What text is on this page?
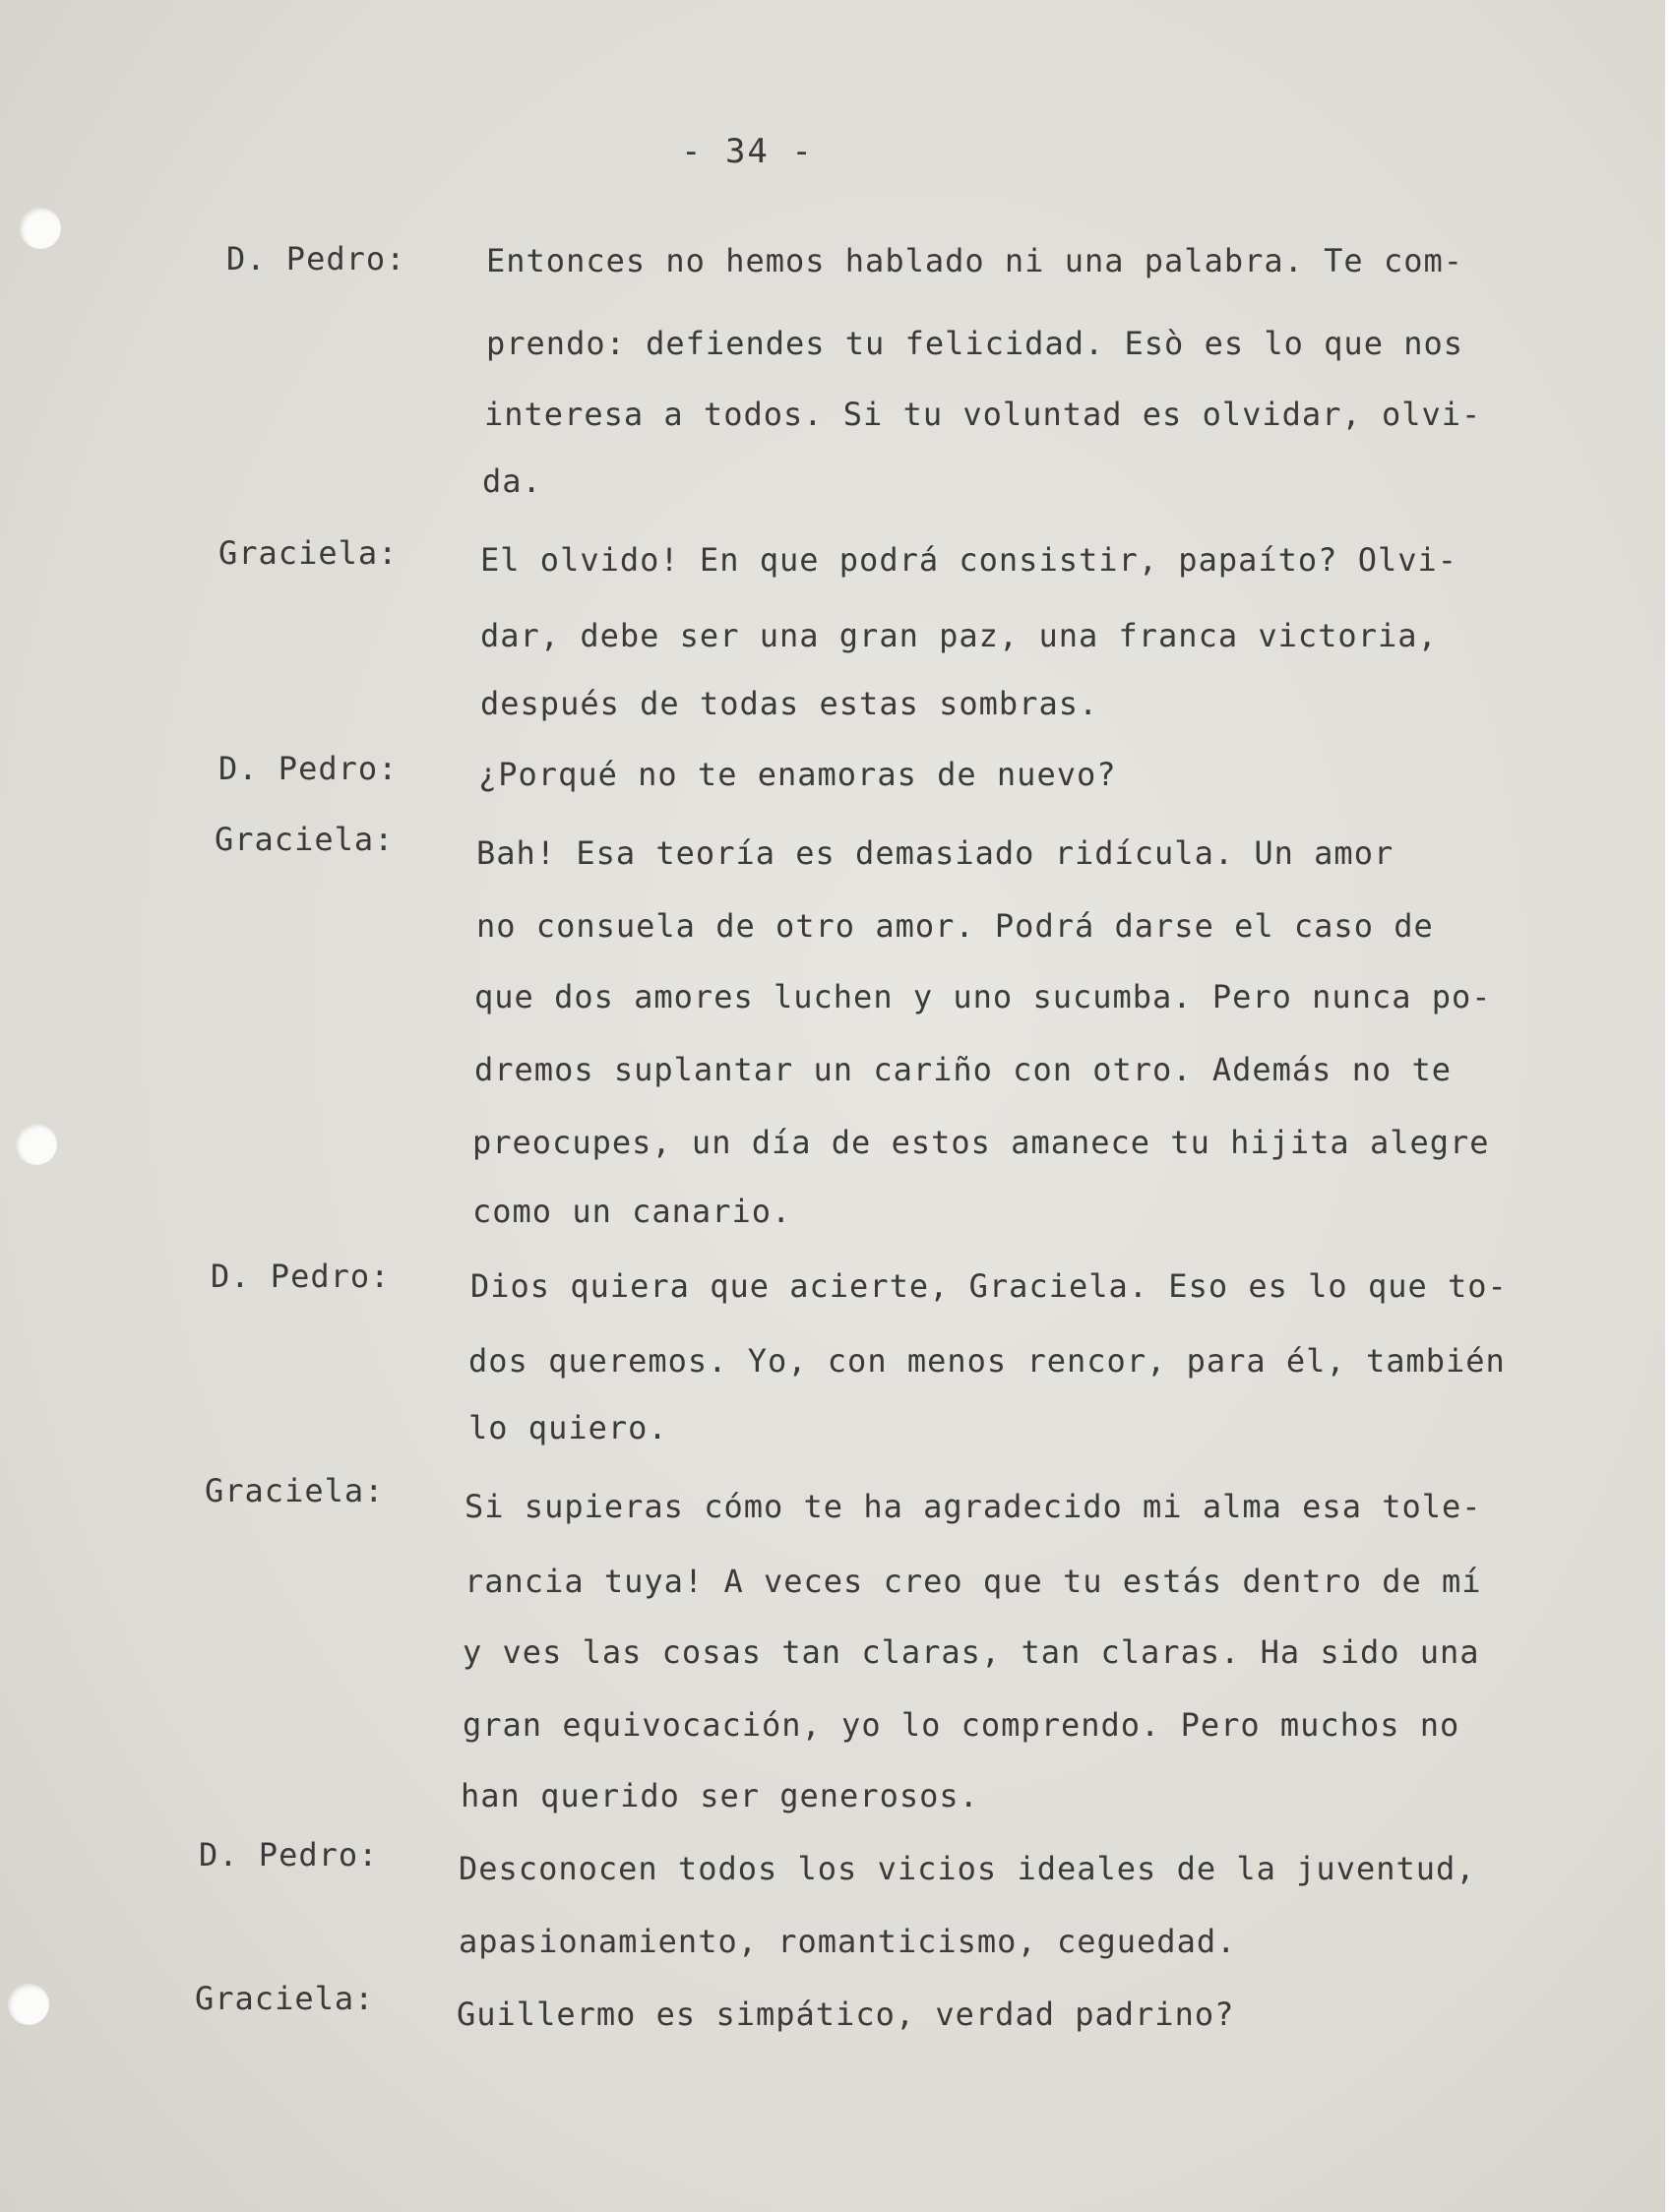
- 34 -
D. Pedro:	Entonces no hemos hablado ni una palabra. Te com-
prendo: defiendes tu felicidad. Esò es lo que nos
interesa a todos. Si tu voluntad es olvidar, olvi-
da.
Graciela:	El olvido! En que podrá consistir, papaíto? Olvi-
dar, debe ser una gran paz, una franca victoria,
después de todas estas sombras.
D. Pedro:	¿Porqué no te enamoras de nuevo?
Graciela:	Bah! Esa teoría es demasiado ridícula. Un amor
no consuela de otro amor. Podrá darse el caso de
que dos amores luchen y uno sucumba. Pero nunca po-
dremos suplantar un cariño con otro. Además no te
preocupes, un día de estos amanece tu hijita alegre
como un canario.
D. Pedro:	Dios quiera que acierte, Graciela. Eso es lo que to-
dos queremos. Yo, con menos rencor, para él, también
lo quiero.
Graciela:	Si supieras cómo te ha agradecido mi alma esa tole-
rancia tuya! A veces creo que tu estás dentro de mí
y ves las cosas tan claras, tan claras. Ha sido una
gran equivocación, yo lo comprendo. Pero muchos no
han querido ser generosos.
D. Pedro:	Desconocen todos los vicios ideales de la juventud,
apasionamiento, romanticismo, ceguedad.
Graciela:	Guillermo es simpático, verdad padrino?
